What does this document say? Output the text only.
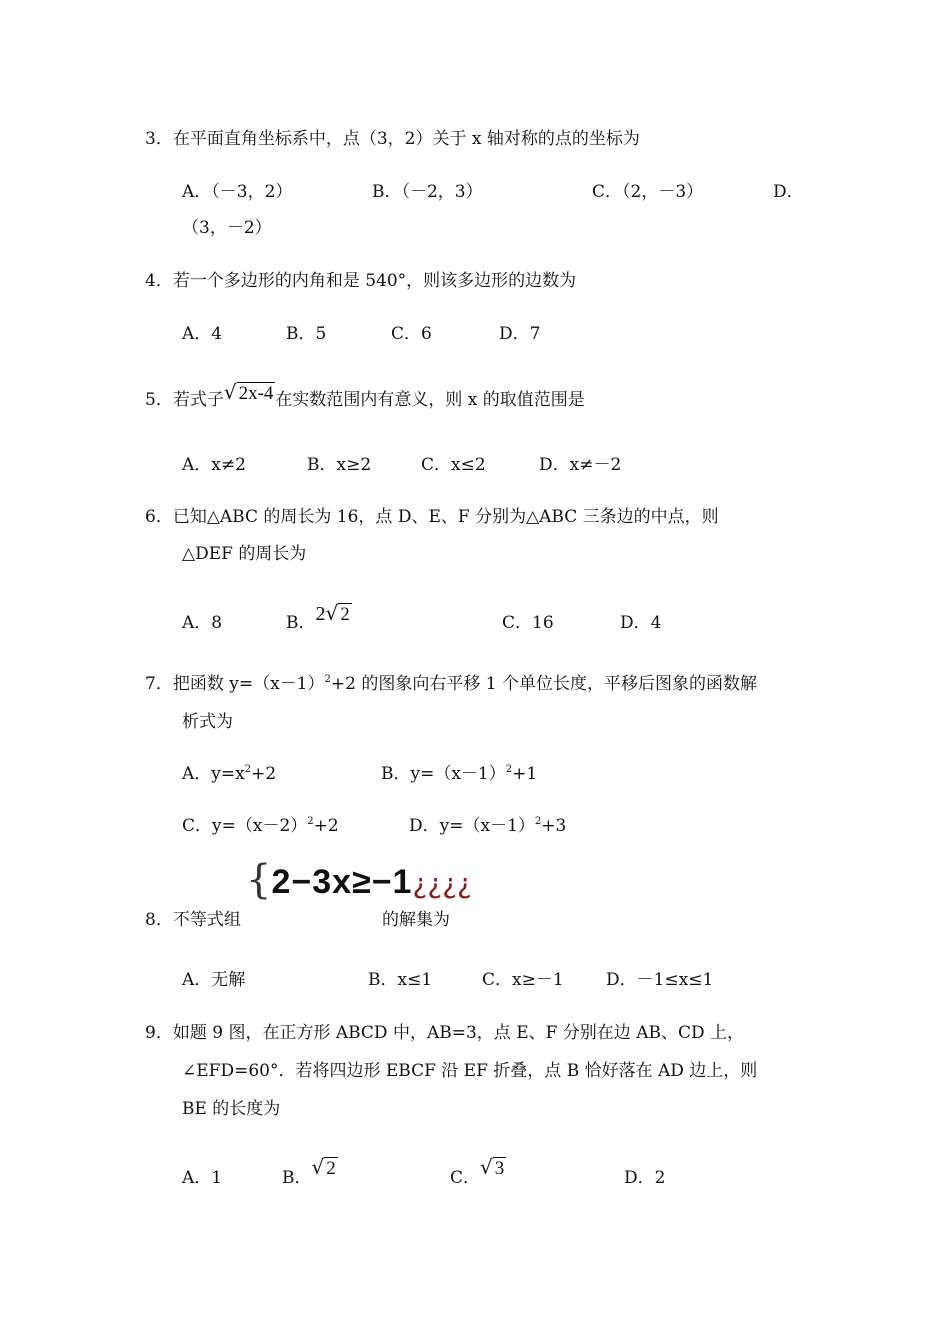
3．在平面直角坐标系中，点（3，2）关于 x 轴对称的点的坐标为
A．（－3，2）	B．（－2，3）	C．（2，－3）	D．
（3，－2）
4．若一个多边形的内角和是 540°，则该多边形的边数为
A．4	B．5	C．6	D．7
5．若式子√ 2x-4 在实数范围内有意义，则 x 的取值范围是
A．x≠2	B．x≥2	C．x≤2	D．x≠－2
6．已知△ABC 的周长为 16，点 D、E、F 分别为△ABC 三条边的中点，则
△DEF 的周长为
A．8	B．2√ 2	C．16	D．4
7．把函数 $y=(x-1)^2+2$ 的图象向右平移 1 个单位长度，平移后图象的函数解
析式为
A．$y=x^2+2$	B．$y=(x-1)^2+1$
C．$y=(x-2)^2+2$	D．$y=(x-1)^2+3$
8．不等式组
{2−3x≥−1¿¿¿¿
的解集为
A．无解	B．x≤1	C．x≥－1 D．－1≤x≤1
9．如题 9 图，在正方形 ABCD 中，AB=3，点 E、F 分别在边 AB、CD 上，
∠EFD=60°．若将四边形 EBCF 沿 EF 折叠，点 B 恰好落在 AD 边上，则
BE 的长度为
A．1	B．√ 2	C．√ 3	D．2
